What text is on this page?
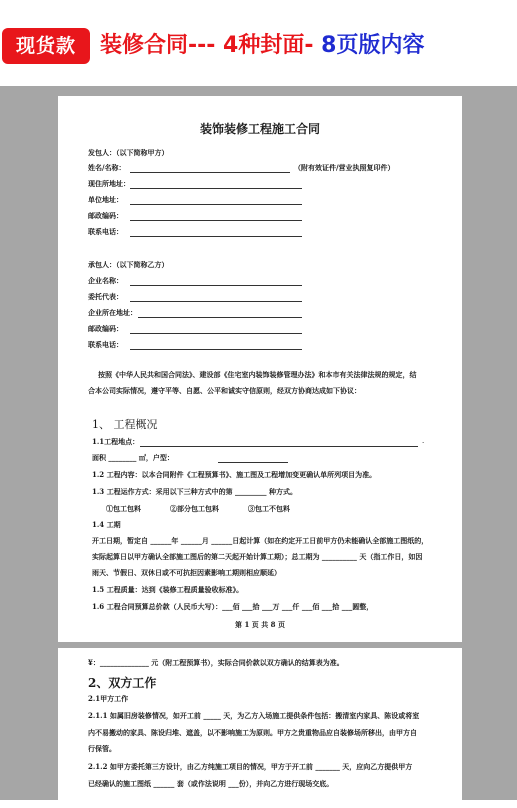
现货款	装修合同--- 4种封面- 8页版内容
装饰装修工程施工合同
发包人：（以下简称甲方）
姓名/名称：	（附有效证件/营业执照复印件）
现住所地址：
单位地址：
邮政编码：
联系电话：
承包人：（以下简称乙方）
企业名称：
委托代表：
企业所在地址：
邮政编码：
联系电话：
按照《中华人民共和国合同法》、建设部《住宅室内装饰装修管理办法》和本市有关法律法规的规定，结
合本公司实际情况，遵守平等、自愿、公平和诚实守信原则，经双方协商达成如下协议：
1、 工程概况
1.1工程地点：	.
面积 ________ ㎡，户型：
1.2 工程内容：以本合同附件《工程预算书》、施工图及工程增加变更确认单所列项目为准。
1.3 工程运作方式：采用以下三种方式中的第 _________ 种方式。
①包工包料	②部分包工包料	③包工不包料
1.4 工期
开工日期，暂定自 ______年 ______月 ______日起计算（如在约定开工日前甲方仍未能确认全部施工图纸的，
实际起算日以甲方确认全部施工图后的第二天起开始计算工期）；总工期为 __________ 天（指工作日，如因
雨天、节假日、双休日或不可抗拒因素影响工期则相应顺延）
1.5 工程质量：达到《装修工程质量验收标准》。
1.6 工程合同预算总价款（人民币大写）：___佰 ___拾 ___万 ___仟 ___佰 ___拾 ___圆整，
第 1 页 共 8 页
¥：______________ 元（附工程预算书），实际合同价款以双方确认的结算表为准。
2、双方工作
2.1甲方工作
2.1.1 如属旧房装修情况，如开工前 _____ 天，为乙方入场施工提供条件包括：搬清室内家具、陈设或将室
内不易搬动的家具、陈设归堆、遮盖，以不影响施工为原则。甲方之贵重物品应自装修场所移出，由甲方自
行保管。
2.1.2 如甲方委托第三方设计，由乙方纯施工项目的情况，甲方于开工前 _______ 天，应向乙方提供甲方
已经确认的施工图纸 ______ 套（或作法说明 ___份），并向乙方进行现场交底。
